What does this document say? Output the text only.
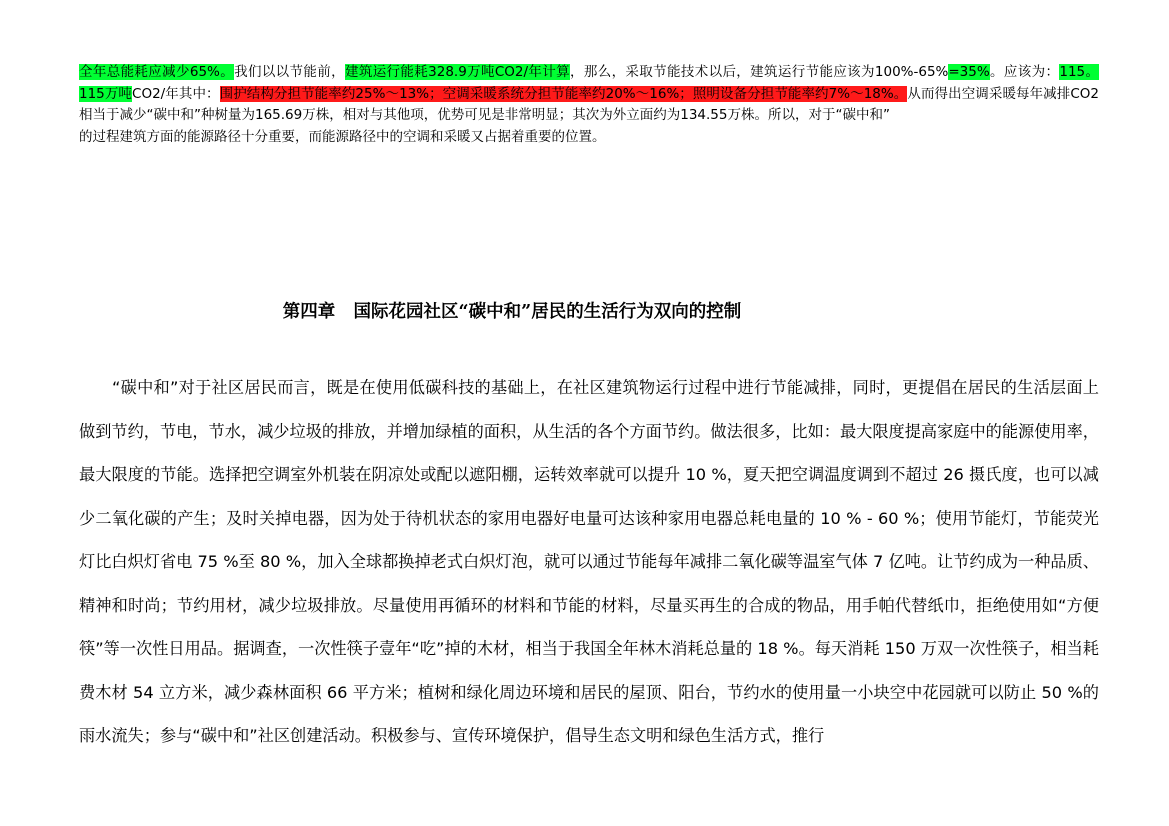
全年总能耗应减少65%。我们以以节能前，建筑运行能耗328.9万吨CO2/年计算，那么，采取节能技术以后，建筑运行节能应该为100%-65%=35%。应该为：115。115万吨CO2/年其中：围护结构分担节能率约25%～13%；空调采暖系统分担节能率约20%～16%；照明设备分担节能率约7%～18%。从而得出空调采暖每年减排CO2 相当于减少“碳中和”种树量为165.69万株，相对与其他项，优势可见是非常明显；其次为外立面约为134.55万株。所以，对于“碳中和”
的过程建筑方面的能源路径十分重要，而能源路径中的空调和采暖又占据着重要的位置。
第四章   国际花园社区“碳中和”居民的生活行为双向的控制
“碳中和”对于社区居民而言，既是在使用低碳科技的基础上，在社区建筑物运行过程中进行节能减排，同时，更提倡在居民的生活层面上做到节约，节电，节水，减少垃圾的排放，并增加绿植的面积，从生活的各个方面节约。做法很多，比如：最大限度提高家庭中的能源使用率，最大限度的节能。选择把空调室外机装在阴凉处或配以遮阳棚，运转效率就可以提升 10 %，夏天把空调温度调到不超过 26 摄氏度，也可以减少二氧化碳的产生；及时关掉电器，因为处于待机状态的家用电器好电量可达该种家用电器总耗电量的 10 % - 60 %；使用节能灯，节能荧光灯比白炽灯省电 75 %至 80 %，加入全球都换掉老式白炽灯泡，就可以通过节能每年减排二氧化碳等温室气体 7 亿吨。让节约成为一种品质、精神和时尚；节约用材，减少垃圾排放。尽量使用再循环的材料和节能的材料，尽量买再生的合成的物品，用手帕代替纸巾，拒绝使用如“方便筷”等一次性日用品。据调查，一次性筷子壹年“吃”掉的木材，相当于我国全年林木消耗总量的 18 %。每天消耗 150 万双一次性筷子，相当耗费木材 54 立方米，减少森林面积 66 平方米；植树和绿化周边环境和居民的屋顶、阳台，节约水的使用量一小块空中花园就可以防止 50 %的雨水流失；参与“碳中和”社区创建活动。积极参与、宣传环境保护，倡导生态文明和绿色生活方式，推行
